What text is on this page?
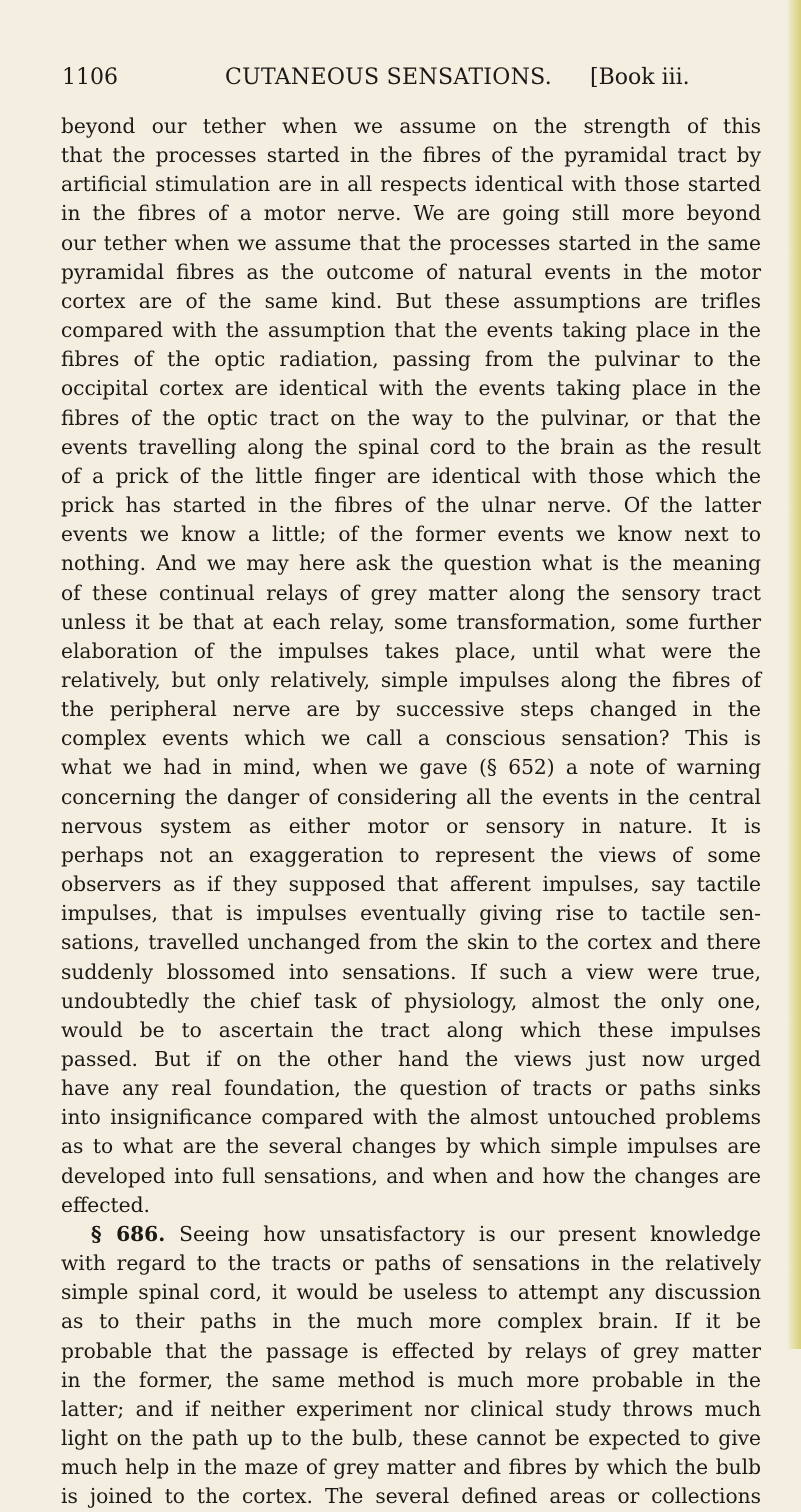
1106	CUTANEOUS SENSATIONS. [Book iii.

beyond our tether when we assume on the strength of this
that the processes started in the fibres of the pyramidal tract by
artificial stimulation are in all respects identical with those started
in the fibres of a motor nerve. We are going still more beyond
our tether when we assume that the processes started in the same
pyramidal fibres as the outcome of natural events in the motor
cortex are of the same kind. But these assumptions are trifles
compared with the assumption that the events taking place in the
fibres of the optic radiation, passing from the pulvinar to the
occipital cortex are identical with the events taking place in the
fibres of the optic tract on the way to the pulvinar, or that the
events travelling along the spinal cord to the brain as the result
of a prick of the little finger are identical with those which the
prick has started in the fibres of the ulnar nerve. Of the latter
events we know a little; of the former events we know next to
nothing. And we may here ask the question what is the meaning
of these continual relays of grey matter along the sensory tract
unless it be that at each relay, some transformation, some further
elaboration of the impulses takes place, until what were the
relatively, but only relatively, simple impulses along the fibres of
the peripheral nerve are by successive steps changed in the
complex events which we call a conscious sensation? This is
what we had in mind, when we gave (§ 652) a note of warning
concerning the danger of considering all the events in the central
nervous system as either motor or sensory in nature. It is
perhaps not an exaggeration to represent the views of some
observers as if they supposed that afferent impulses, say tactile
impulses, that is impulses eventually giving rise to tactile sen-
sations, travelled unchanged from the skin to the cortex and there
suddenly blossomed into sensations. If such a view were true,
undoubtedly the chief task of physiology, almost the only one,
would be to ascertain the tract along which these impulses
passed. But if on the other hand the views just now urged
have any real foundation, the question of tracts or paths sinks
into insignificance compared with the almost untouched problems
as to what are the several changes by which simple impulses are
developed into full sensations, and when and how the changes are
effected.

§ 686. Seeing how unsatisfactory is our present knowledge
with regard to the tracts or paths of sensations in the relatively
simple spinal cord, it would be useless to attempt any discussion
as to their paths in the much more complex brain. If it be
probable that the passage is effected by relays of grey matter
in the former, the same method is much more probable in the
latter; and if neither experiment nor clinical study throws much
light on the path up to the bulb, these cannot be expected to give
much help in the maze of grey matter and fibres by which the bulb
is joined to the cortex. The several defined areas or collections
